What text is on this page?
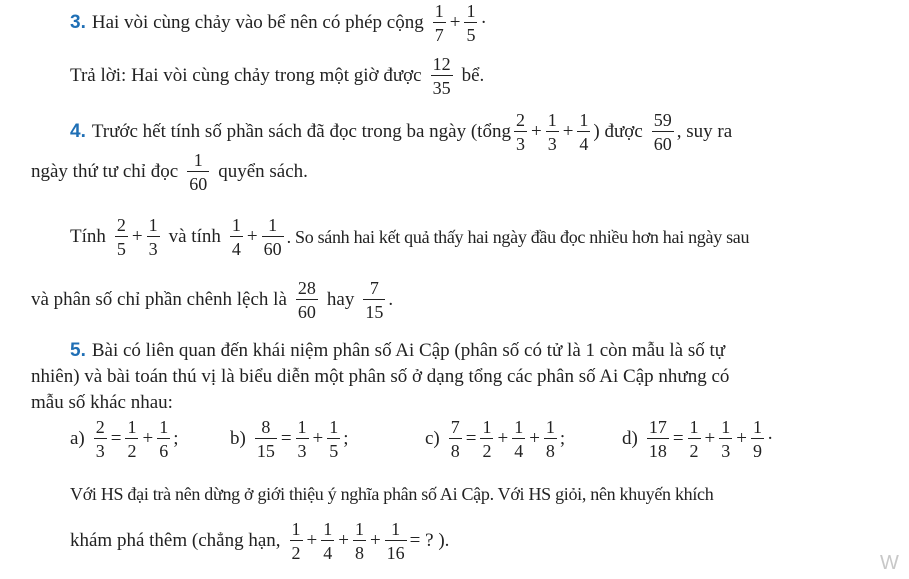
3. Hai vòi cùng chảy vào bể nên có phép cộng $\frac{1}{7} + \frac{1}{5}$ ·
Trả lời: Hai vòi cùng chảy trong một giờ được $\frac{12}{35}$ bể.
4. Trước hết tính số phần sách đã đọc trong ba ngày (tổng $\frac{2}{3} + \frac{1}{3} + \frac{1}{4}$ ) được $\frac{59}{60}$ , suy ra
ngày thứ tư chỉ đọc $\frac{1}{60}$ quyển sách.
Tính $\frac{2}{5} + \frac{1}{3}$ và tính $\frac{1}{4} + \frac{1}{60}$ . So sánh hai kết quả thấy hai ngày đầu đọc nhiều hơn hai ngày sau
và phân số chỉ phần chênh lệch là $\frac{28}{60}$ hay $\frac{7}{15}$ .
5. Bài có liên quan đến khái niệm phân số Ai Cập (phân số có tử là 1 còn mẫu là số tự
nhiên) và bài toán thú vị là biểu diễn một phân số ở dạng tổng các phân số Ai Cập nhưng có
mẫu số khác nhau:
$a) \frac{2}{3} = \frac{1}{2} + \frac{1}{6}$ ;	$b) \frac{8}{15} = \frac{1}{3} + \frac{1}{5}$ ;	$c) \frac{7}{8} = \frac{1}{2} + \frac{1}{4} + \frac{1}{8}$ ;	$d) \frac{17}{18} = \frac{1}{2} + \frac{1}{3} + \frac{1}{9}$ ·
Với HS đại trà nên dừng ở giới thiệu ý nghĩa phân số Ai Cập. Với HS giỏi, nên khuyến khích
khám phá thêm (chẳng hạn, $\frac{1}{2} + \frac{1}{4} + \frac{1}{8} + \frac{1}{16}$ = ? ).
W
